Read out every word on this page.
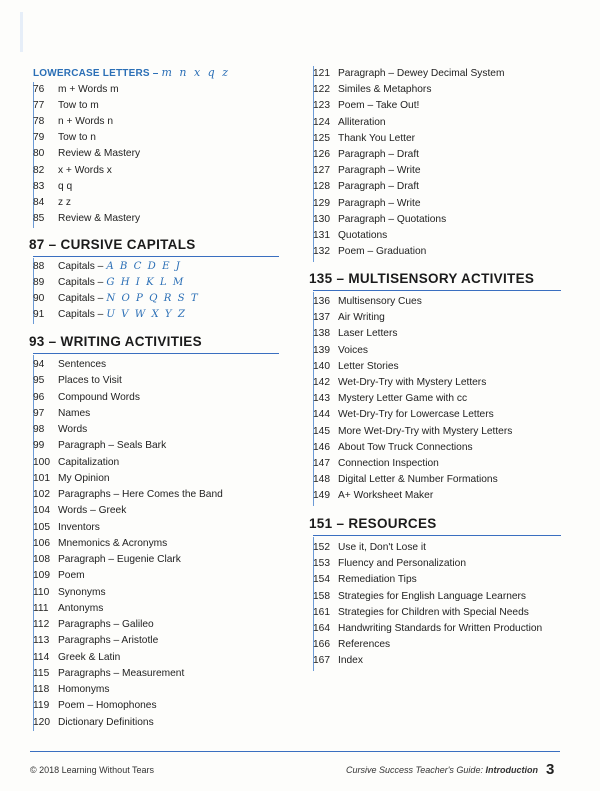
LOWERCASE LETTERS – m n x q z
76 m + Words m
77 Tow to m
78 n + Words n
79 Tow to n
80 Review & Mastery
82 x + Words x
83 q q
84 z z
85 Review & Mastery
87 – CURSIVE CAPITALS
88 Capitals – A B C D E J
89 Capitals – G H I K L M
90 Capitals – N O P Q R S T
91 Capitals – U V W X Y Z
93 – WRITING ACTIVITIES
94 Sentences
95 Places to Visit
96 Compound Words
97 Names
98 Words
99 Paragraph – Seals Bark
100 Capitalization
101 My Opinion
102 Paragraphs – Here Comes the Band
104 Words – Greek
105 Inventors
106 Mnemonics & Acronyms
108 Paragraph – Eugenie Clark
109 Poem
110 Synonyms
111 Antonyms
112 Paragraphs – Galileo
113 Paragraphs – Aristotle
114 Greek & Latin
115 Paragraphs – Measurement
118 Homonyms
119 Poem – Homophones
120 Dictionary Definitions
121 Paragraph – Dewey Decimal System
122 Similes & Metaphors
123 Poem – Take Out!
124 Alliteration
125 Thank You Letter
126 Paragraph – Draft
127 Paragraph – Write
128 Paragraph – Draft
129 Paragraph – Write
130 Paragraph – Quotations
131 Quotations
132 Poem – Graduation
135 – MULTISENSORY ACTIVITES
136 Multisensory Cues
137 Air Writing
138 Laser Letters
139 Voices
140 Letter Stories
142 Wet-Dry-Try with Mystery Letters
143 Mystery Letter Game with cc
144 Wet-Dry-Try for Lowercase Letters
145 More Wet-Dry-Try with Mystery Letters
146 About Tow Truck Connections
147 Connection Inspection
148 Digital Letter & Number Formations
149 A+ Worksheet Maker
151 – RESOURCES
152 Use it, Don't Lose it
153 Fluency and Personalization
154 Remediation Tips
158 Strategies for English Language Learners
161 Strategies for Children with Special Needs
164 Handwriting Standards for Written Production
166 References
167 Index
© 2018 Learning Without Tears	Cursive Success Teacher's Guide: Introduction 3
